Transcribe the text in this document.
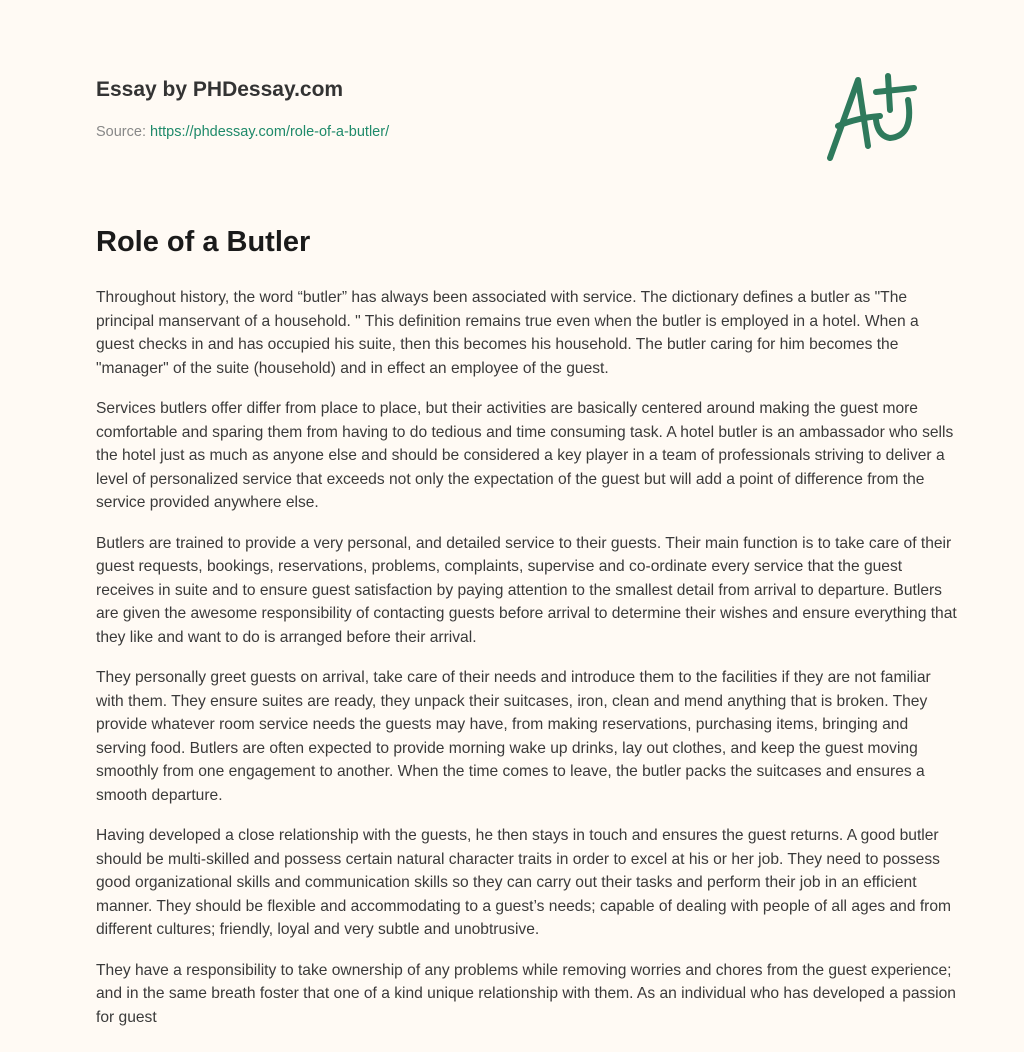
Essay by PHDessay.com

Source: https://phdessay.com/role-of-a-butler/
Role of a Butler

Throughout history, the word “butler” has always been associated with service. The dictionary defines a butler as "The principal manservant of a household. " This definition remains true even when the butler is employed in a hotel. When a guest checks in and has occupied his suite, then this becomes his household. The butler caring for him becomes the "manager" of the suite (household) and in effect an employee of the guest.

Services butlers offer differ from place to place, but their activities are basically centered around making the guest more comfortable and sparing them from having to do tedious and time consuming task. A hotel butler is an ambassador who sells the hotel just as much as anyone else and should be considered a key player in a team of professionals striving to deliver a level of personalized service that exceeds not only the expectation of the guest but will add a point of difference from the service provided anywhere else.

Butlers are trained to provide a very personal, and detailed service to their guests. Their main function is to take care of their guest requests, bookings, reservations, problems, complaints, supervise and co-ordinate every service that the guest receives in suite and to ensure guest satisfaction by paying attention to the smallest detail from arrival to departure. Butlers are given the awesome responsibility of contacting guests before arrival to determine their wishes and ensure everything that they like and want to do is arranged before their arrival.

They personally greet guests on arrival, take care of their needs and introduce them to the facilities if they are not familiar with them. They ensure suites are ready, they unpack their suitcases, iron, clean and mend anything that is broken. They provide whatever room service needs the guests may have, from making reservations, purchasing items, bringing and serving food. Butlers are often expected to provide morning wake up drinks, lay out clothes, and keep the guest moving smoothly from one engagement to another. When the time comes to leave, the butler packs the suitcases and ensures a smooth departure.

Having developed a close relationship with the guests, he then stays in touch and ensures the guest returns. A good butler should be multi-skilled and possess certain natural character traits in order to excel at his or her job. They need to possess good organizational skills and communication skills so they can carry out their tasks and perform their job in an efficient manner. They should be flexible and accommodating to a guest’s needs; capable of dealing with people of all ages and from different cultures; friendly, loyal and very subtle and unobtrusive.

They have a responsibility to take ownership of any problems while removing worries and chores from the guest experience; and in the same breath foster that one of a kind unique relationship with them. As an individual who has developed a passion for guest
